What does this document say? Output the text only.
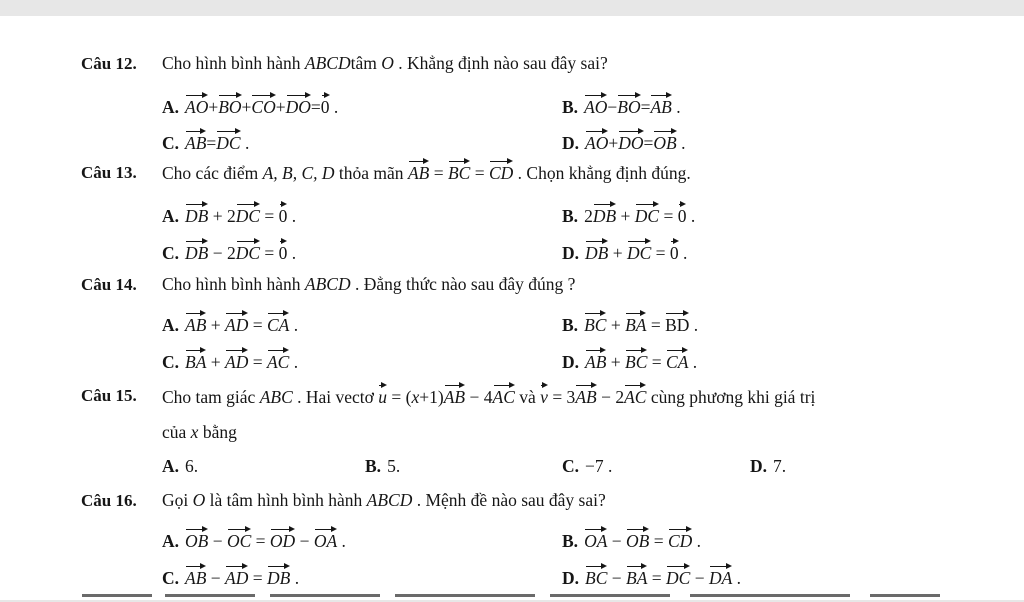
Câu 12. Cho hình bình hành ABCDtâm O . Khẳng định nào sau đây sai?
A. AO+BO+CO+DO=0 .	B. AO−BO=AB .
C. AB=DC .	D. AO+DO=OB .
Câu 13. Cho các điểm A, B, C, D thỏa mãn AB = BC = CD . Chọn khẳng định đúng.
A. DB + 2DC = 0 .	B. 2DB + DC = 0 .
C. DB − 2DC = 0 .	D. DB + DC = 0 .
Câu 14. Cho hình bình hành ABCD . Đẳng thức nào sau đây đúng ?
A. AB + AD = CA .	B. BC + BA = BD .
C. BA + AD = AC .	D. AB + BC = CA .
Câu 15. Cho tam giác ABC . Hai vectơ u = (x+1)AB − 4AC và v = 3AB − 2AC cùng phương khi giá trị
của x bằng
A. 6.	B. 5.	C. −7 .	D. 7.
Câu 16. Gọi O là tâm hình bình hành ABCD . Mệnh đề nào sau đây sai?
A. OB − OC = OD − OA .	B. OA − OB = CD .
C. AB − AD = DB .	D. BC − BA = DC − DA .
